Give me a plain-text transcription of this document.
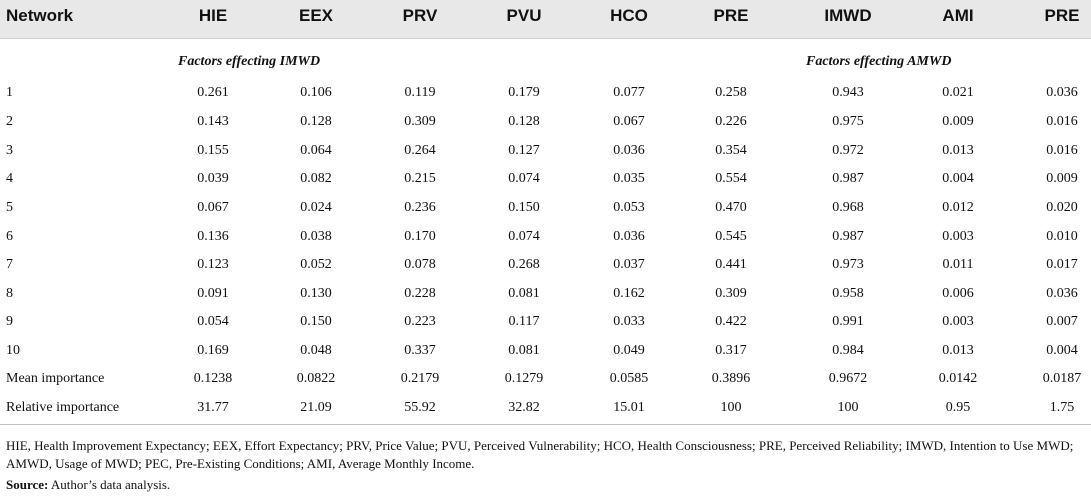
Network	HIE	EEX	PRV	PVU	HCO	PRE	IMWD	AMI	PRE
Factors effecting IMWD	Factors effecting AMWD
1	0.261	0.106	0.119	0.179	0.077	0.258	0.943	0.021	0.036
2	0.143	0.128	0.309	0.128	0.067	0.226	0.975	0.009	0.016
3	0.155	0.064	0.264	0.127	0.036	0.354	0.972	0.013	0.016
4	0.039	0.082	0.215	0.074	0.035	0.554	0.987	0.004	0.009
5	0.067	0.024	0.236	0.150	0.053	0.470	0.968	0.012	0.020
6	0.136	0.038	0.170	0.074	0.036	0.545	0.987	0.003	0.010
7	0.123	0.052	0.078	0.268	0.037	0.441	0.973	0.011	0.017
8	0.091	0.130	0.228	0.081	0.162	0.309	0.958	0.006	0.036
9	0.054	0.150	0.223	0.117	0.033	0.422	0.991	0.003	0.007
10	0.169	0.048	0.337	0.081	0.049	0.317	0.984	0.013	0.004
Mean importance	0.1238	0.0822	0.2179	0.1279	0.0585	0.3896	0.9672	0.0142	0.0187
Relative importance	31.77	21.09	55.92	32.82	15.01	100	100	0.95	1.75
HIE, Health Improvement Expectancy; EEX, Effort Expectancy; PRV, Price Value; PVU, Perceived Vulnerability; HCO, Health Consciousness; PRE, Perceived Reliability; IMWD, Intention to Use MWD; AMWD, Usage of MWD; PEC, Pre-Existing Conditions; AMI, Average Monthly Income.
Source: Author’s data analysis.
